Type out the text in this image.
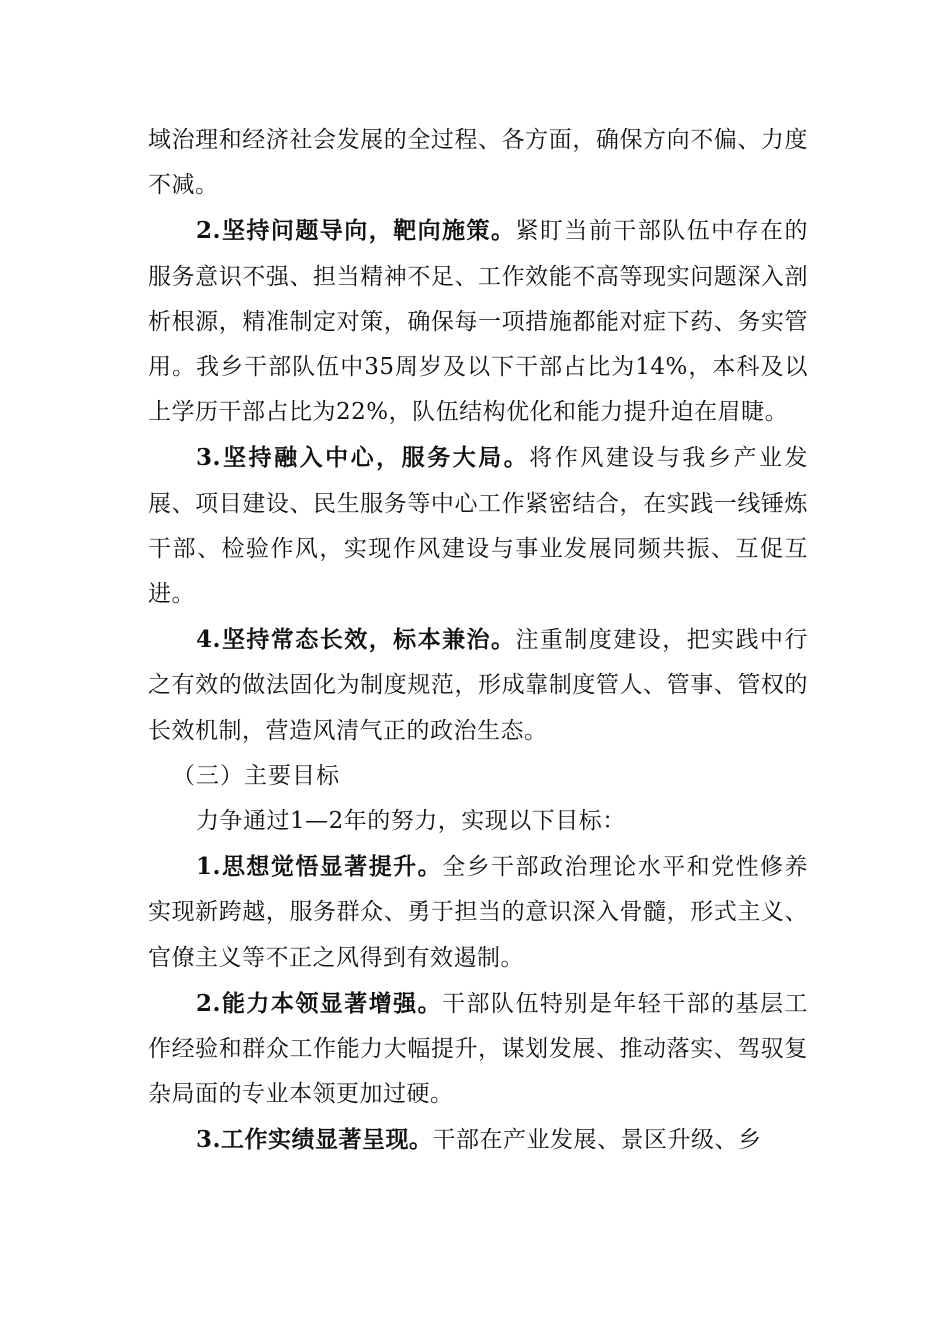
域治理和经济社会发展的全过程、各方面，确保方向不偏、力度不减。

2.坚持问题导向，靶向施策。紧盯当前干部队伍中存在的服务意识不强、担当精神不足、工作效能不高等现实问题深入剖析根源，精准制定对策，确保每一项措施都能对症下药、务实管用。我乡干部队伍中35周岁及以下干部占比为14%，本科及以上学历干部占比为22%，队伍结构优化和能力提升迫在眉睫。

3.坚持融入中心，服务大局。将作风建设与我乡产业发展、项目建设、民生服务等中心工作紧密结合，在实践一线锤炼干部、检验作风，实现作风建设与事业发展同频共振、互促互进。

4.坚持常态长效，标本兼治。注重制度建设，把实践中行之有效的做法固化为制度规范，形成靠制度管人、管事、管权的长效机制，营造风清气正的政治生态。

（三）主要目标

力争通过1—2年的努力，实现以下目标：

1.思想觉悟显著提升。全乡干部政治理论水平和党性修养实现新跨越，服务群众、勇于担当的意识深入骨髓，形式主义、官僚主义等不正之风得到有效遏制。

2.能力本领显著增强。干部队伍特别是年轻干部的基层工作经验和群众工作能力大幅提升，谋划发展、推动落实、驾驭复杂局面的专业本领更加过硬。

3.工作实绩显著呈现。干部在产业发展、景区升级、乡
